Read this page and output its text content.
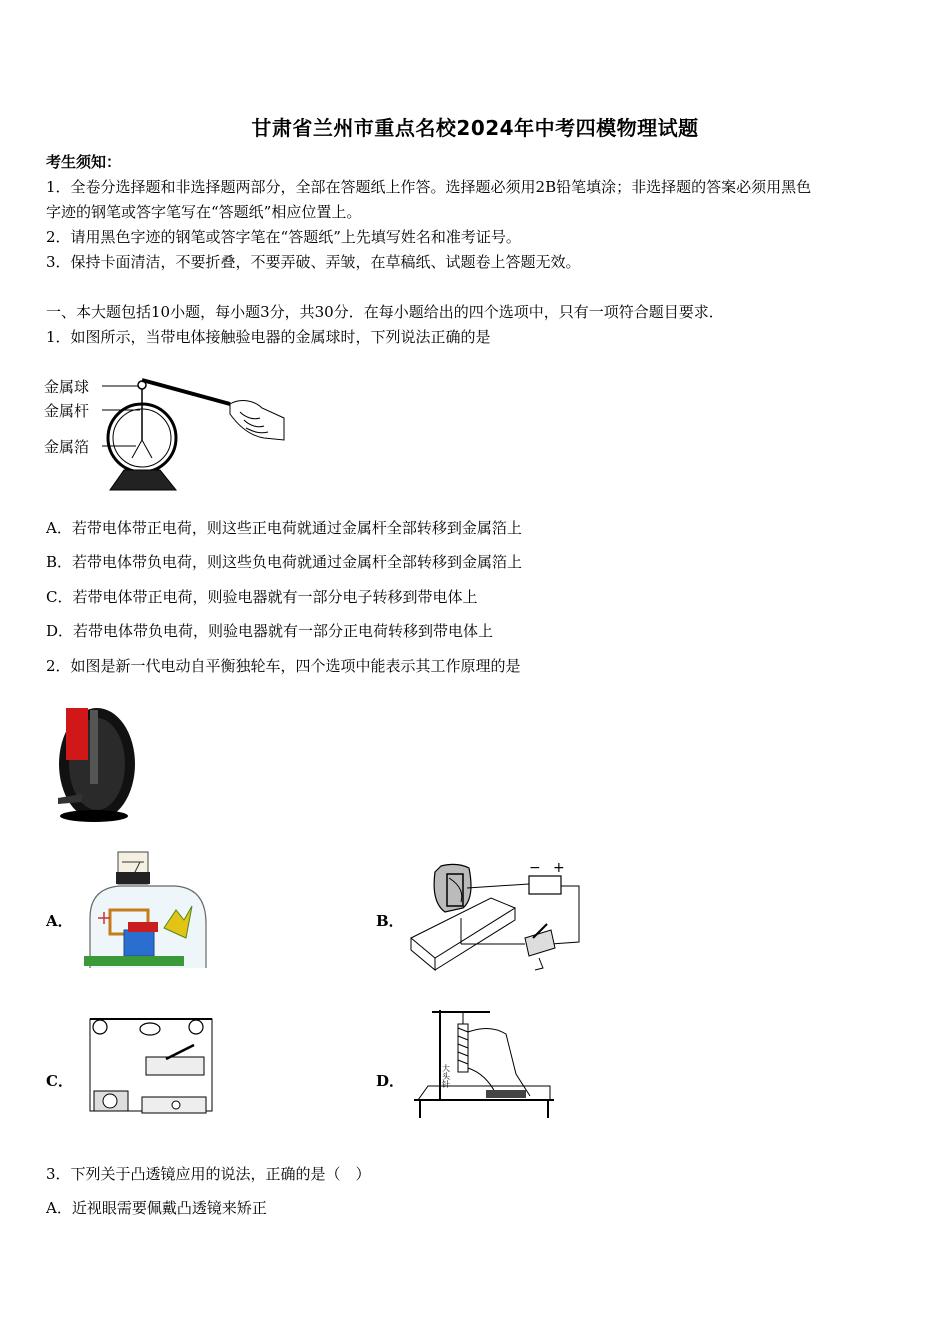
甘肃省兰州市重点名校2024年中考四模物理试题
考生须知：
1．全卷分选择题和非选择题两部分，全部在答题纸上作答。选择题必须用2B铅笔填涂；非选择题的答案必须用黑色
字迹的钢笔或答字笔写在“答题纸”相应位置上。
2．请用黑色字迹的钢笔或答字笔在“答题纸”上先填写姓名和准考证号。
3．保持卡面清洁，不要折叠，不要弄破、弄皱，在草稿纸、试题卷上答题无效。
一、本大题包括10小题，每小题3分，共30分．在每小题给出的四个选项中，只有一项符合题目要求．
1．如图所示，当带电体接触验电器的金属球时，下列说法正确的是
金属球
金属杆
金属箔
A．若带电体带正电荷，则这些正电荷就通过金属杆全部转移到金属箔上
B．若带电体带负电荷，则这些负电荷就通过金属杆全部转移到金属箔上
C．若带电体带正电荷，则验电器就有一部分电子转移到带电体上
D．若带电体带负电荷，则验电器就有一部分正电荷转移到带电体上
2．如图是新一代电动自平衡独轮车，四个选项中能表示其工作原理的是
A．	B．
− +
C．	D．	大头针
3．下列关于凸透镜应用的说法，正确的是（　）
A．近视眼需要佩戴凸透镜来矫正
